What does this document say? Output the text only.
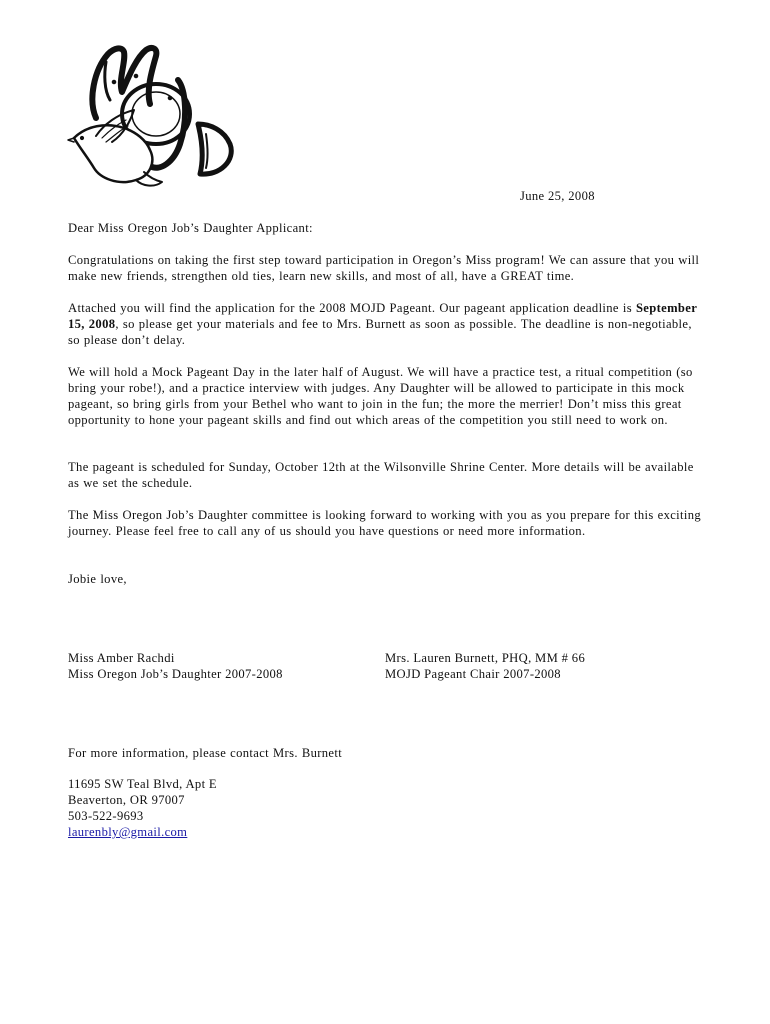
June 25, 2008
Dear Miss Oregon Job’s Daughter Applicant:
Congratulations on taking the first step toward participation in Oregon’s Miss program! We can assure that you will make new friends, strengthen old ties, learn new skills, and most of all, have a GREAT time.
Attached you will find the application for the 2008 MOJD Pageant. Our pageant application deadline is September 15, 2008, so please get your materials and fee to Mrs. Burnett as soon as possible. The deadline is non-negotiable, so please don’t delay.
We will hold a Mock Pageant Day in the later half of August. We will have a practice test, a ritual competition (so bring your robe!), and a practice interview with judges. Any Daughter will be allowed to participate in this mock pageant, so bring girls from your Bethel who want to join in the fun; the more the merrier! Don’t miss this great opportunity to hone your pageant skills and find out which areas of the competition you still need to work on.
The pageant is scheduled for Sunday, October 12th at the Wilsonville Shrine Center. More details will be available as we set the schedule.
The Miss Oregon Job’s Daughter committee is looking forward to working with you as you prepare for this exciting journey. Please feel free to call any of us should you have questions or need more information.
Jobie love,
Miss Amber Rachdi
Miss Oregon Job’s Daughter 2007-2008
Mrs. Lauren Burnett, PHQ, MM # 66
MOJD Pageant Chair 2007-2008
For more information, please contact Mrs. Burnett
11695 SW Teal Blvd, Apt E
Beaverton, OR 97007
503-522-9693
laurenbly@gmail.com
